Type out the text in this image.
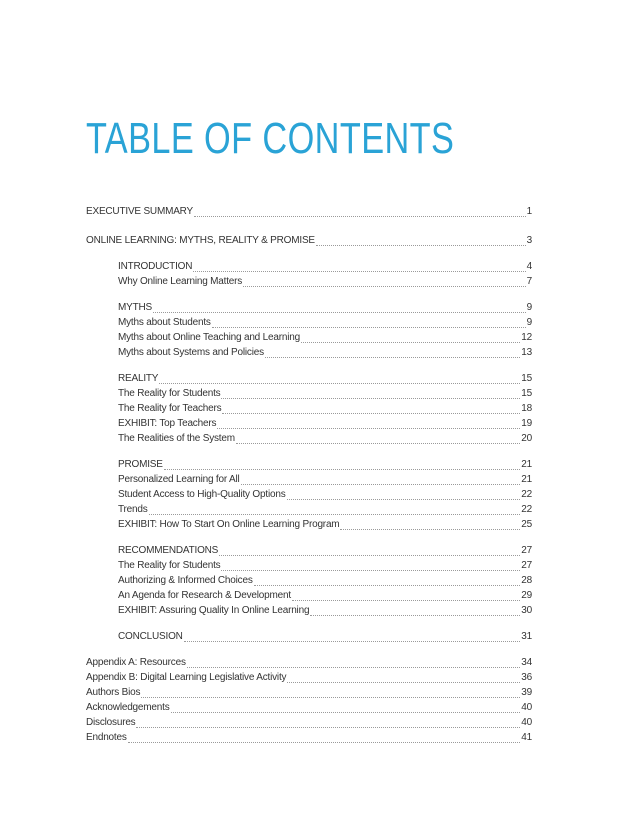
TABLE OF CONTENTS
EXECUTIVE SUMMARY	1
ONLINE LEARNING: MYTHS, REALITY & PROMISE	3
INTRODUCTION	4
Why Online Learning Matters	7
MYTHS	9
Myths about Students	9
Myths about Online Teaching and Learning	12
Myths about Systems and Policies	13
REALITY	15
The Reality for Students	15
The Reality for Teachers	18
EXHIBIT: Top Teachers	19
The Realities of the System	20
PROMISE	21
Personalized Learning for All	21
Student Access to High-Quality Options	22
Trends	22
EXHIBIT: How To Start On Online Learning Program	25
RECOMMENDATIONS	27
The Reality for Students	27
Authorizing & Informed Choices	28
An Agenda for Research & Development	29
EXHIBIT: Assuring Quality In Online Learning	30
CONCLUSION	31
Appendix A: Resources	34
Appendix B: Digital Learning Legislative Activity	36
Authors Bios	39
Acknowledgements	40
Disclosures	40
Endnotes	41
